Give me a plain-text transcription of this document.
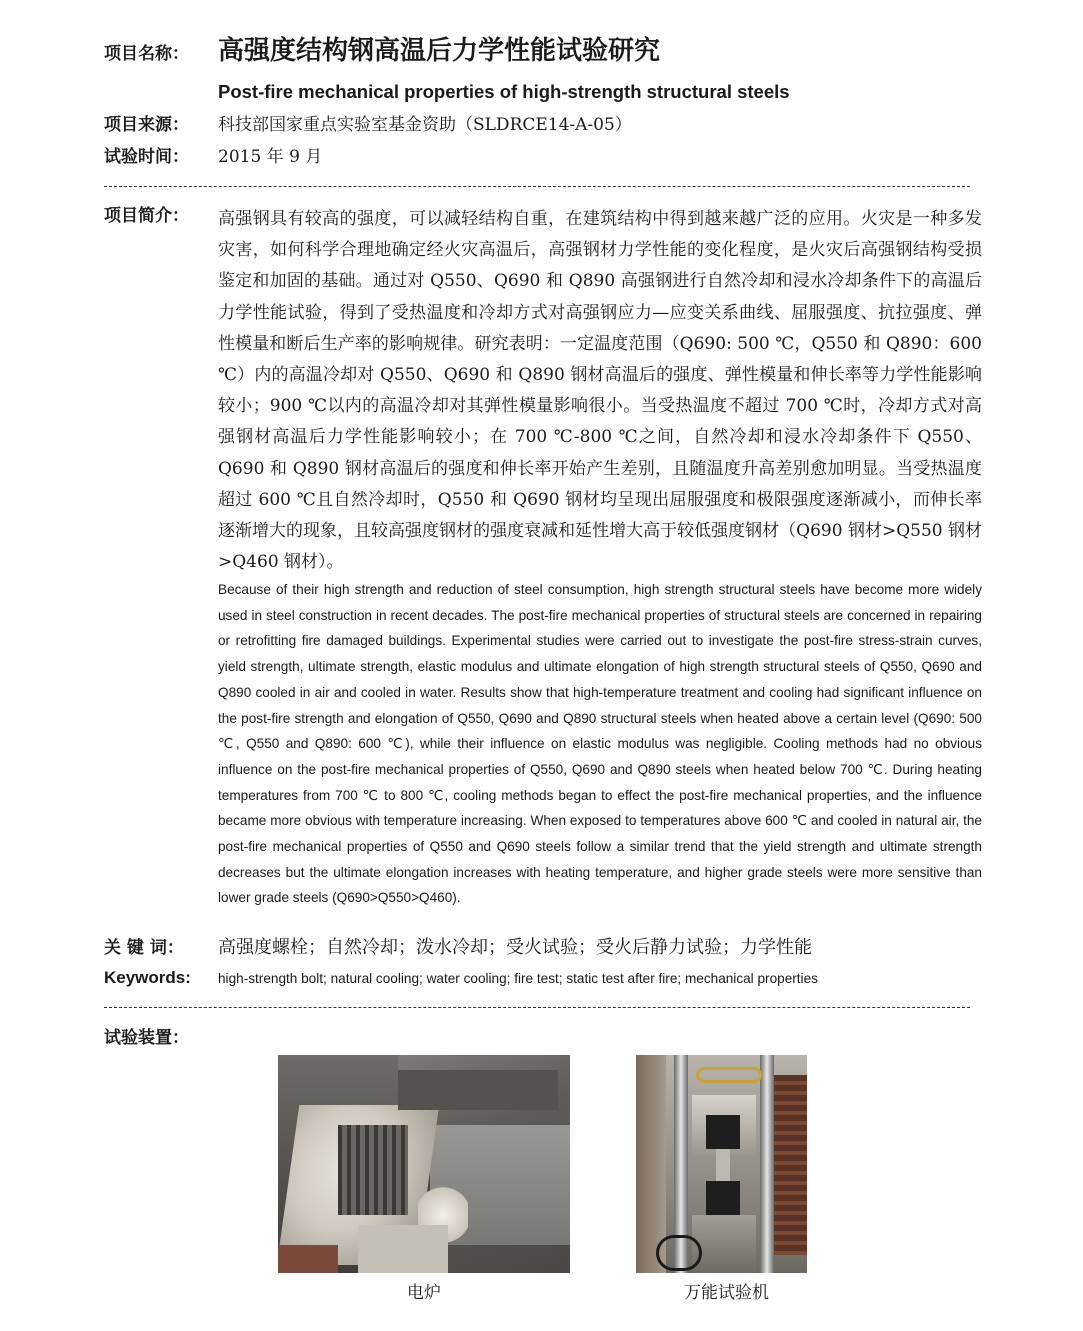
项目名称： 高强度结构钢高温后力学性能试验研究
Post-fire mechanical properties of high-strength structural steels
项目来源： 科技部国家重点实验室基金资助（SLDRCE14-A-05）
试验时间： 2015 年 9 月
项目简介： 高强钢具有较高的强度，可以减轻结构自重，在建筑结构中得到越来越广泛的应用。火灾是一种多发灾害，如何科学合理地确定经火灾高温后，高强钢材力学性能的变化程度，是火灾后高强钢结构受损鉴定和加固的基础。通过对 Q550、Q690 和 Q890 高强钢进行自然冷却和浸水冷却条件下的高温后力学性能试验，得到了受热温度和冷却方式对高强钢应力—应变关系曲线、屈服强度、抗拉强度、弹性模量和断后生产率的影响规律。研究表明：一定温度范围（Q690: 500 ℃，Q550 和 Q890：600 ℃）内的高温冷却对 Q550、Q690 和 Q890 钢材高温后的强度、弹性模量和伸长率等力学性能影响较小；900 ℃以内的高温冷却对其弹性模量影响很小。当受热温度不超过 700 ℃时，冷却方式对高强钢材高温后力学性能影响较小；在 700 ℃-800 ℃之间，自然冷却和浸水冷却条件下 Q550、Q690 和 Q890 钢材高温后的强度和伸长率开始产生差别，且随温度升高差别愈加明显。当受热温度超过 600 ℃且自然冷却时，Q550 和 Q690 钢材均呈现出屈服强度和极限强度逐渐减小，而伸长率逐渐增大的现象，且较高强度钢材的强度衰减和延性增大高于较低强度钢材（Q690 钢材>Q550 钢材>Q460 钢材）。
Because of their high strength and reduction of steel consumption, high strength structural steels have become more widely used in steel construction in recent decades. The post-fire mechanical properties of structural steels are concerned in repairing or retrofitting fire damaged buildings. Experimental studies were carried out to investigate the post-fire stress-strain curves, yield strength, ultimate strength, elastic modulus and ultimate elongation of high strength structural steels of Q550, Q690 and Q890 cooled in air and cooled in water. Results show that high-temperature treatment and cooling had significant influence on the post-fire strength and elongation of Q550, Q690 and Q890 structural steels when heated above a certain level (Q690: 500 ℃, Q550 and Q890: 600 ℃), while their influence on elastic modulus was negligible. Cooling methods had no obvious influence on the post-fire mechanical properties of Q550, Q690 and Q890 steels when heated below 700 ℃. During heating temperatures from 700 ℃ to 800 ℃, cooling methods began to effect the post-fire mechanical properties, and the influence became more obvious with temperature increasing. When exposed to temperatures above 600 ℃ and cooled in natural air, the post-fire mechanical properties of Q550 and Q690 steels follow a similar trend that the yield strength and ultimate strength decreases but the ultimate elongation increases with heating temperature, and higher grade steels were more sensitive than lower grade steels (Q690>Q550>Q460).
关 键 词： 高强度螺栓；自然冷却；泼水冷却；受火试验；受火后静力试验；力学性能
Keywords: high-strength bolt; natural cooling; water cooling; fire test; static test after fire; mechanical properties
试验装置：
电炉	万能试验机
